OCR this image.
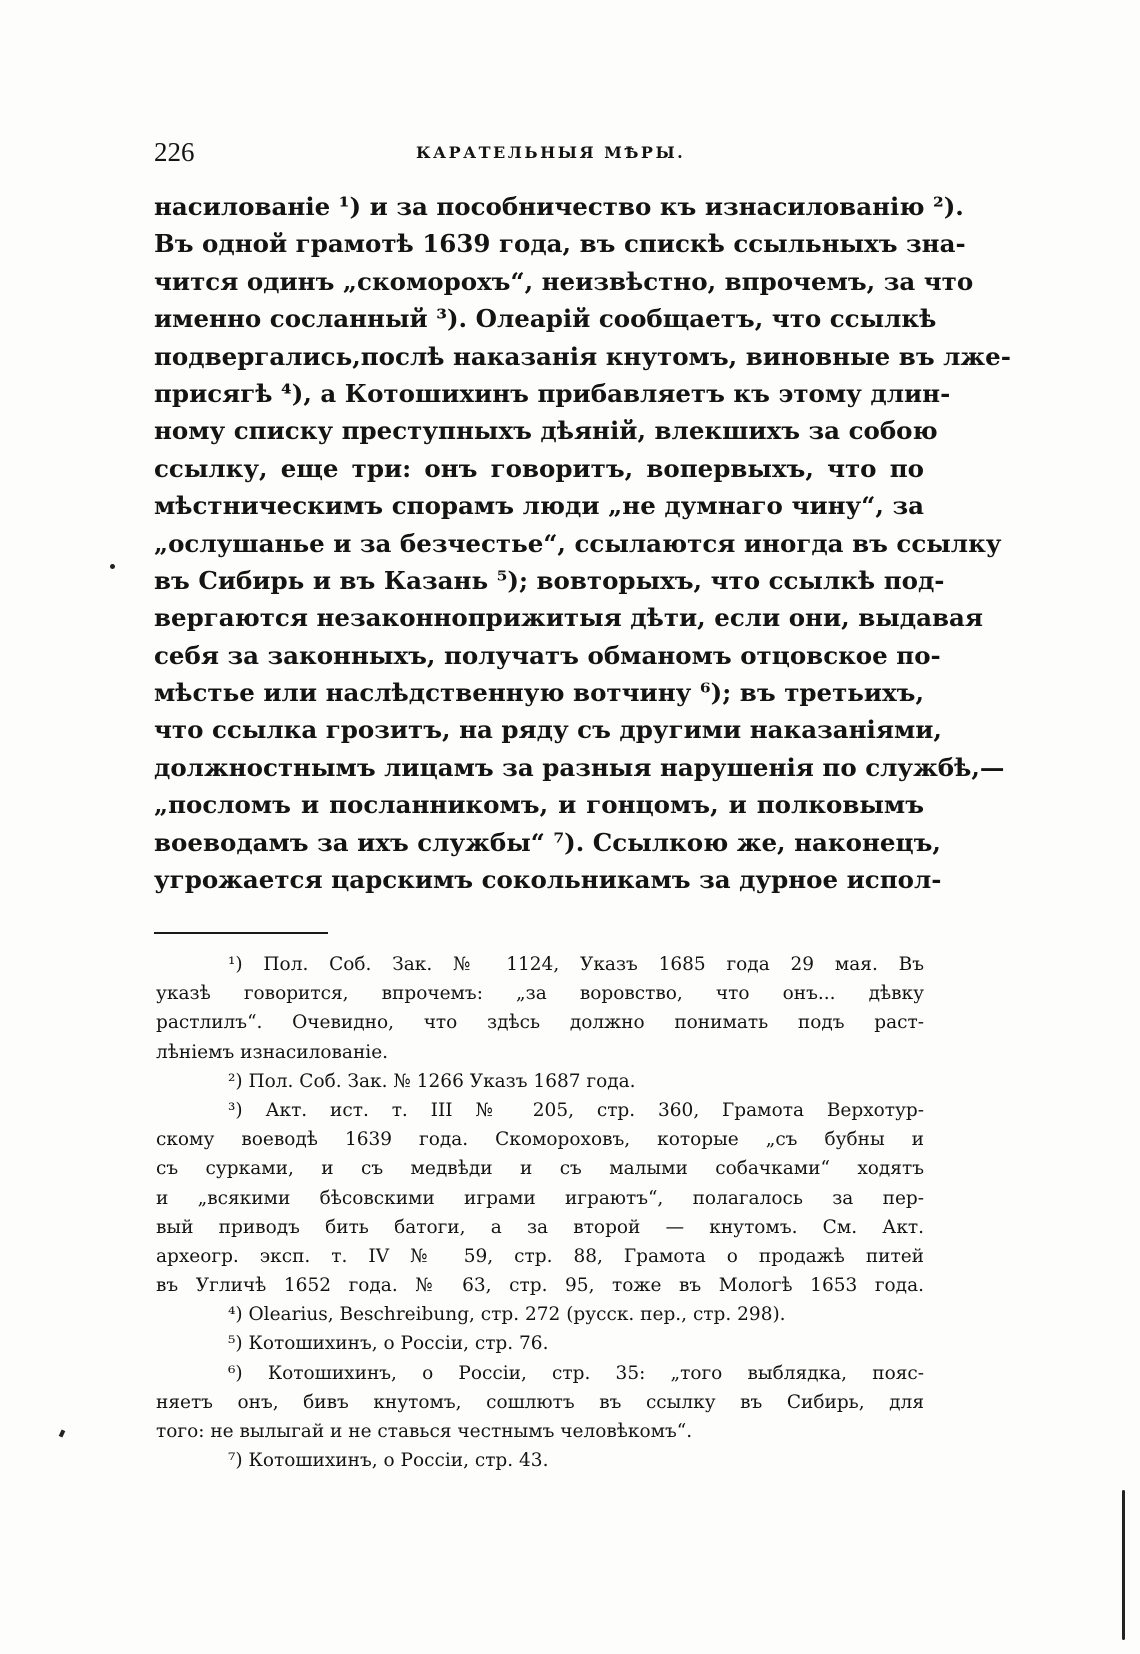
226	КАРАТЕЛЬНЫЯ МѢРЫ.
насилованіе ¹) и за пособничество къ изнасилованію ²).
Въ одной грамотѣ 1639 года, въ спискѣ ссыльныхъ зна-
чится одинъ „скоморохъ“, неизвѣстно, впрочемъ, за что
именно сосланный ³). Олеарій сообщаетъ, что ссылкѣ
подвергались,послѣ наказанія кнутомъ, виновные въ лже-
присягѣ ⁴), а Котошихинъ прибавляетъ къ этому длин-
ному списку преступныхъ дѣяній, влекшихъ за собою
ссылку, еще три: онъ говоритъ, вопервыхъ, что по
мѣстническимъ спорамъ люди „не думнаго чину“, за
„ослушанье и за безчестье“, ссылаются иногда въ ссылку
въ Сибирь и въ Казань ⁵); вовторыхъ, что ссылкѣ под-
вергаются незаконноприжитыя дѣти, если они, выдавая
себя за законныхъ, получатъ обманомъ отцовское по-
мѣстье или наслѣдственную вотчину ⁶); въ третьихъ,
что ссылка грозитъ, на ряду съ другими наказаніями,
должностнымъ лицамъ за разныя нарушенія по службѣ,—
„посломъ и посланникомъ, и гонцомъ, и полковымъ
воеводамъ за ихъ службы“ ⁷). Ссылкою же, наконецъ,
угрожается царскимъ сокольникамъ за дурное испол-
¹) Пол. Соб. Зак. № 1124, Указъ 1685 года 29 мая. Въ
указѣ говорится, впрочемъ: „за воровство, что онъ... дѣвку
растлилъ“. Очевидно, что здѣсь должно понимать подъ раст-
лѣніемъ изнасилованіе.
²) Пол. Соб. Зак. № 1266 Указъ 1687 года.
³) Акт. ист. т. III № 205, стр. 360, Грамота Верхотур-
скому воеводѣ 1639 года. Скомороховъ, которые „съ бубны и
съ сурками, и съ медвѣди и съ малыми собачками“ ходятъ
и „всякими бѣсовскими играми играютъ“, полагалось за пер-
вый приводъ бить батоги, а за второй — кнутомъ. См. Акт.
археогр. эксп. т. IV № 59, стр. 88, Грамота о продажѣ питей
въ Угличѣ 1652 года. № 63, стр. 95, тоже въ Мологѣ 1653 года.
⁴) Olearius, Beschreibung, стр. 272 (русск. пер., стр. 298).
⁵) Котошихинъ, о Россіи, стр. 76.
⁶) Котошихинъ, о Россіи, стр. 35: „того выблядка, пояс-
няетъ онъ, бивъ кнутомъ, сошлютъ въ ссылку въ Сибирь, для
того: не вылыгай и не ставься честнымъ человѣкомъ“.
⁷) Котошихинъ, о Россіи, стр. 43.
